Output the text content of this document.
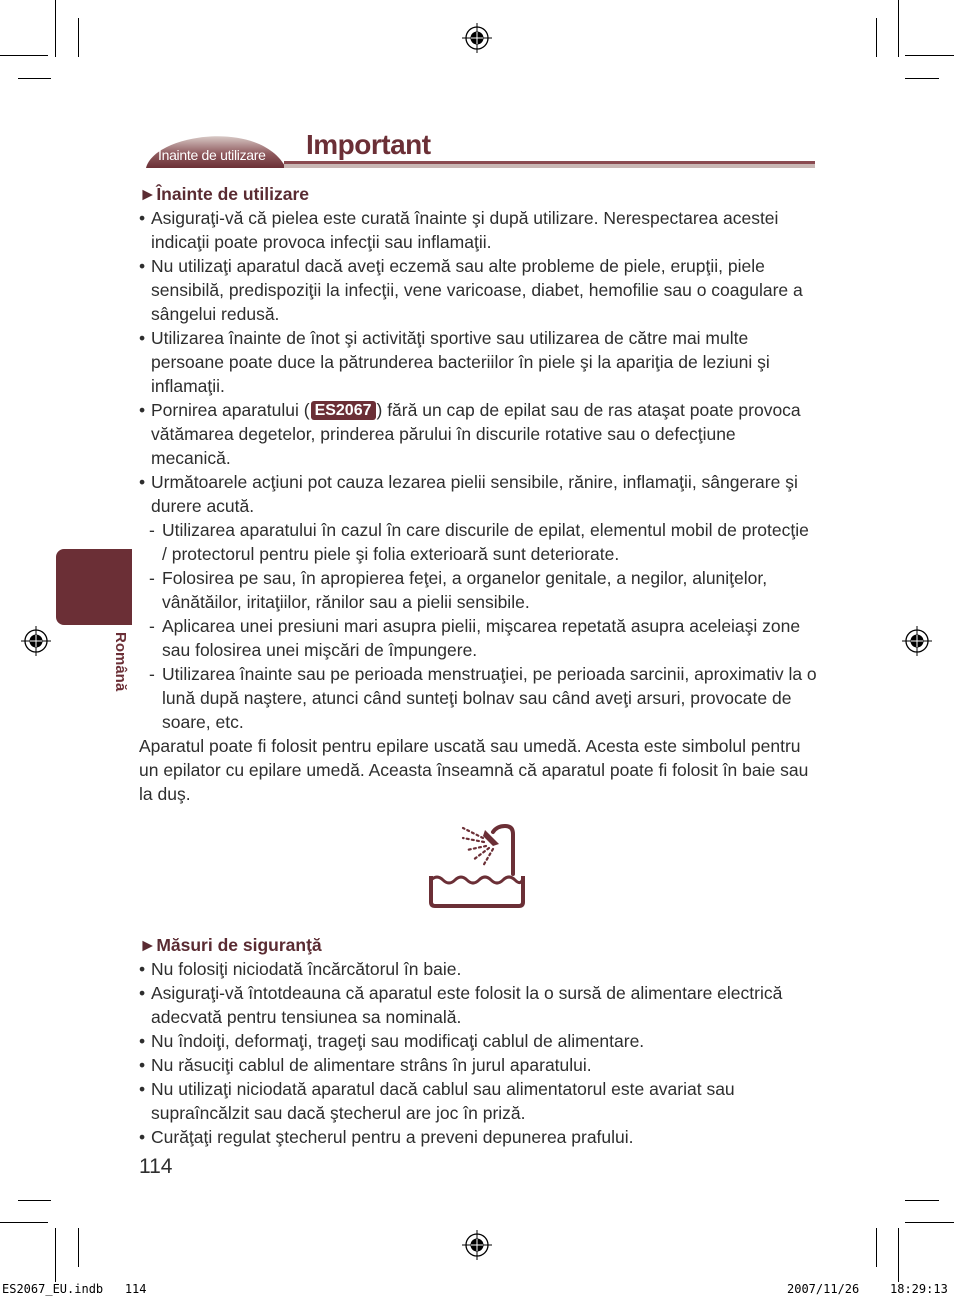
Înainte de utilizare	Important

►Înainte de utilizare

• Asiguraţi-vă că pielea este curată înainte şi după utilizare. Nerespectarea acestei indicaţii poate provoca infecţii sau inflamaţii.
• Nu utilizaţi aparatul dacă aveţi eczemă sau alte probleme de piele, erupţii, piele sensibilă, predispoziţii la infecţii, vene varicoase, diabet, hemofilie sau o coagulare a sângelui redusă.
• Utilizarea înainte de înot şi activităţi sportive sau utilizarea de către mai multe persoane poate duce la pătrunderea bacteriilor în piele şi la apariţia de leziuni şi inflamaţii.
• Pornirea aparatului ( ES2067 ) fără un cap de epilat sau de ras ataşat poate provoca vătămarea degetelor, prinderea părului în discurile rotative sau o defecţiune mecanică.
• Următoarele acţiuni pot cauza lezarea pielii sensibile, rănire, inflamaţii, sângerare şi durere acută.
- Utilizarea aparatului în cazul în care discurile de epilat, elementul mobil de protecţie / protectorul pentru piele şi folia exterioară sunt deteriorate.
- Folosirea pe sau, în apropierea feţei, a organelor genitale, a negilor, aluniţelor, vânătăilor, iritaţiilor, rănilor sau a pielii sensibile.
- Aplicarea unei presiuni mari asupra pielii, mişcarea repetată asupra aceleiaşi zone sau folosirea unei mişcări de împungere.
- Utilizarea înainte sau pe perioada menstruaţiei, pe perioada sarcinii, aproximativ la o lună după naştere, atunci când sunteţi bolnav sau când aveţi arsuri, provocate de soare, etc.

Aparatul poate fi folosit pentru epilare uscată sau umedă. Acesta este simbolul pentru un epilator cu epilare umedă. Aceasta înseamnă că aparatul poate fi folosit în baie sau la duş.

►Măsuri de siguranţă

• Nu folosiţi niciodată încărcătorul în baie.
• Asiguraţi-vă întotdeauna că aparatul este folosit la o sursă de alimentare electrică adecvată pentru tensiunea sa nominală.
• Nu îndoiţi, deformaţi, trageţi sau modificaţi cablul de alimentare.
• Nu răsuciţi cablul de alimentare strâns în jurul aparatului.
• Nu utilizaţi niciodată aparatul dacă cablul sau alimentatorul este avariat sau supraîncălzit sau dacă ştecherul are joc în priză.
• Curăţaţi regulat ştecherul pentru a preveni depunerea prafului.
Română
114
ES2067_EU.indb   114	2007/11/26	18:29:13
